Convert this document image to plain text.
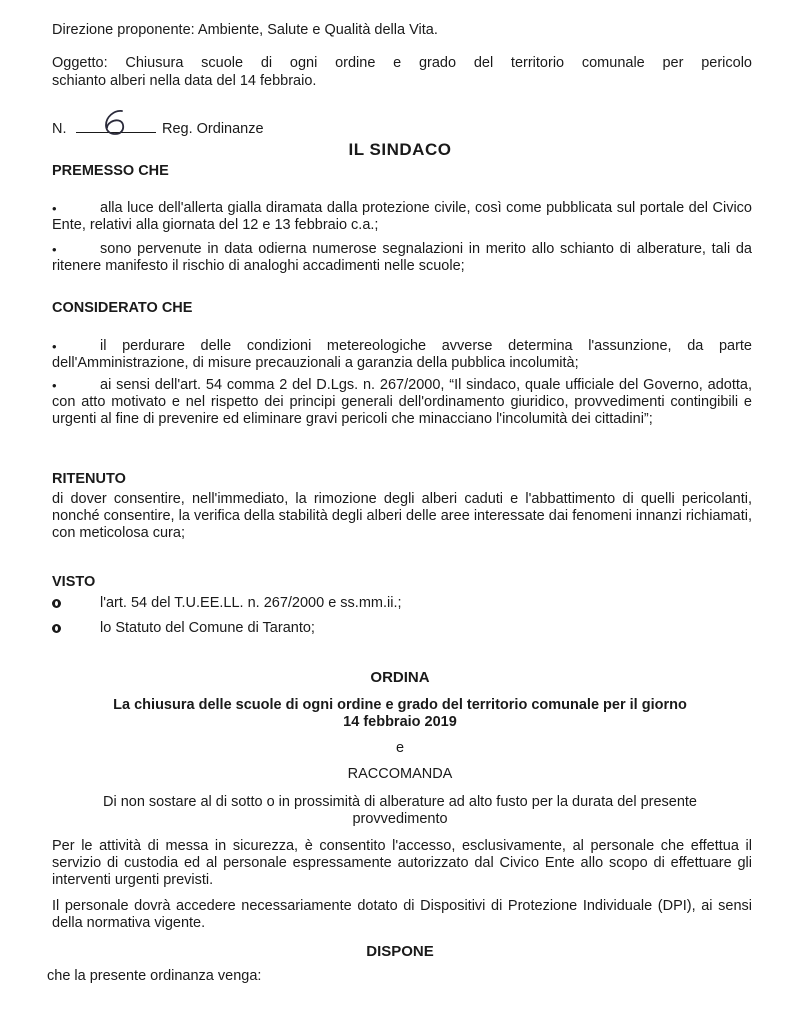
Direzione proponente: Ambiente, Salute e Qualità della Vita.
Oggetto: Chiusura scuole di ogni ordine e grado del territorio comunale per pericolo
schianto alberi nella data del 14 febbraio.
N.	Reg. Ordinanze
IL SINDACO
PREMESSO CHE
•	alla luce dell'allerta gialla diramata dalla protezione civile, così come pubblicata sul portale del Civico Ente, relativi alla giornata del 12 e 13 febbraio c.a.;
•	sono pervenute in data odierna numerose segnalazioni in merito allo schianto di alberature, tali da ritenere manifesto il rischio di analoghi accadimenti nelle scuole;
CONSIDERATO CHE
•	il perdurare delle condizioni metereologiche avverse determina l'assunzione, da parte dell'Amministrazione, di misure precauzionali a garanzia della pubblica incolumità;
•	ai sensi dell'art. 54 comma 2 del D.Lgs. n. 267/2000, “Il sindaco, quale ufficiale del Governo, adotta, con atto motivato e nel rispetto dei principi generali dell'ordinamento giuridico, provvedimenti contingibili e urgenti al fine di prevenire ed eliminare gravi pericoli che minacciano l'incolumità dei cittadini”;
RITENUTO
di dover consentire, nell'immediato, la rimozione degli alberi caduti e l'abbattimento di quelli pericolanti, nonché consentire, la verifica della stabilità degli alberi delle aree interessate dai fenomeni innanzi richiamati, con meticolosa cura;
VISTO
l'art. 54 del T.U.EE.LL. n. 267/2000 e ss.mm.ii.;
lo Statuto del Comune di Taranto;
ORDINA
La chiusura delle scuole di ogni ordine e grado del territorio comunale per il giorno
14 febbraio 2019
e
RACCOMANDA
Di non sostare al di sotto o in prossimità di alberature ad alto fusto per la durata del presente
provvedimento
Per le attività di messa in sicurezza, è consentito l'accesso, esclusivamente, al personale che effettua il servizio di custodia ed al personale espressamente autorizzato dal Civico Ente allo scopo di effettuare gli interventi urgenti previsti.
Il personale dovrà accedere necessariamente dotato di Dispositivi di Protezione Individuale (DPI), ai sensi della normativa vigente.
DISPONE
che la presente ordinanza venga:
